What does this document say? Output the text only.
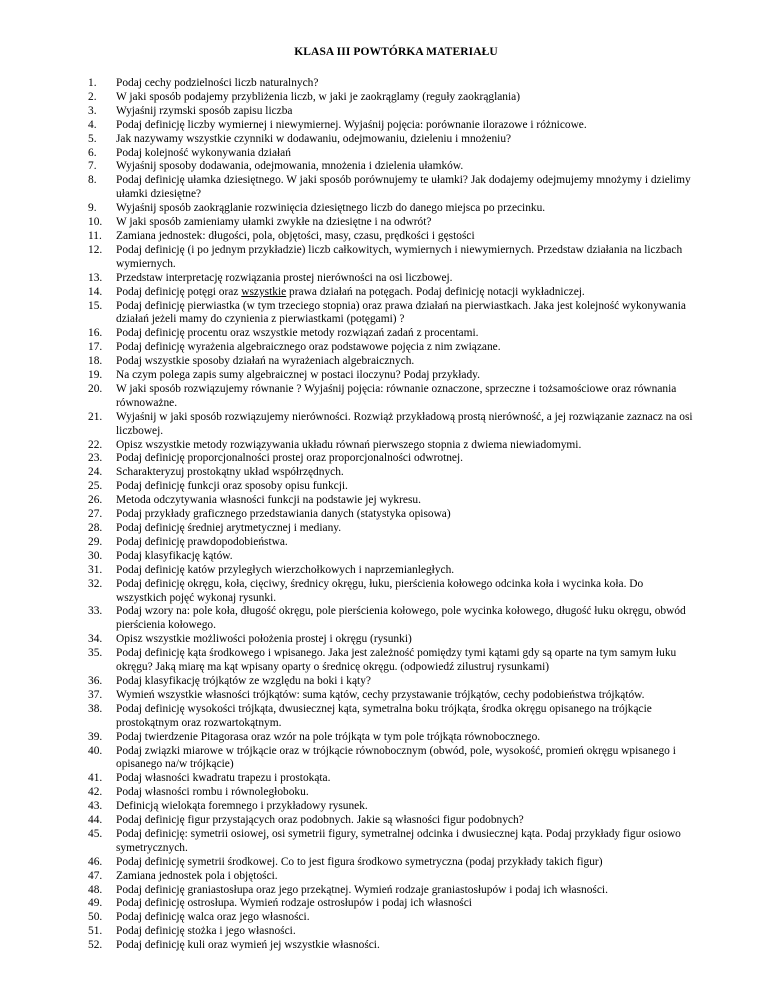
KLASA III POWTÓRKA MATERIAŁU
1. Podaj cechy podzielności liczb naturalnych?
2. W jaki sposób podajemy przybliżenia liczb, w jaki je zaokrąglamy (reguły zaokrąglania)
3. Wyjaśnij rzymski sposób zapisu liczba
4. Podaj definicję liczby wymiernej i niewymiernej. Wyjaśnij pojęcia: porównanie ilorazowe i różnicowe.
5. Jak nazywamy wszystkie czynniki w dodawaniu, odejmowaniu, dzieleniu i mnożeniu?
6. Podaj kolejność wykonywania działań
7. Wyjaśnij sposoby dodawania, odejmowania, mnożenia i dzielenia ułamków.
8. Podaj definicję ułamka dziesiętnego. W jaki sposób porównujemy te ułamki? Jak dodajemy odejmujemy mnożymy i dzielimy ułamki dziesiętne?
9. Wyjaśnij sposób zaokrąglanie rozwinięcia dziesiętnego liczb do danego miejsca po przecinku.
10. W jaki sposób zamieniamy ułamki zwykłe na dziesiętne i na odwrót?
11. Zamiana jednostek: długości, pola, objętości, masy, czasu, prędkości i gęstości
12. Podaj definicję (i po jednym przykładzie) liczb całkowitych, wymiernych i niewymiernych. Przedstaw działania na liczbach wymiernych.
13. Przedstaw interpretację rozwiązania prostej nierówności na osi liczbowej.
14. Podaj definicję potęgi oraz wszystkie prawa działań na potęgach. Podaj definicję notacji wykładniczej.
15. Podaj definicję pierwiastka (w tym trzeciego stopnia) oraz prawa działań na pierwiastkach. Jaka jest kolejność wykonywania działań jeżeli mamy do czynienia z pierwiastkami (potęgami) ?
16. Podaj definicję procentu oraz wszystkie metody rozwiązań zadań z procentami.
17. Podaj definicję wyrażenia algebraicznego oraz podstawowe pojęcia z nim związane.
18. Podaj wszystkie sposoby działań na wyrażeniach algebraicznych.
19. Na czym polega zapis sumy algebraicznej w postaci iloczynu? Podaj przykłady.
20. W jaki sposób rozwiązujemy równanie ? Wyjaśnij pojęcia: równanie oznaczone, sprzeczne i tożsamościowe oraz równania równoważne.
21. Wyjaśnij w jaki sposób rozwiązujemy nierówności. Rozwiąż przykładową prostą nierówność, a jej rozwiązanie zaznacz na osi liczbowej.
22. Opisz wszystkie metody rozwiązywania układu równań pierwszego stopnia z dwiema niewiadomymi.
23. Podaj definicję proporcjonalności prostej oraz proporcjonalności odwrotnej.
24. Scharakteryzuj prostokątny układ współrzędnych.
25. Podaj definicję funkcji oraz sposoby opisu funkcji.
26. Metoda odczytywania własności funkcji na podstawie jej wykresu.
27. Podaj przykłady graficznego przedstawiania danych (statystyka opisowa)
28. Podaj definicję średniej arytmetycznej i mediany.
29. Podaj definicję prawdopodobieństwa.
30. Podaj klasyfikację kątów.
31. Podaj definicję katów przyległych wierzchołkowych i naprzemianległych.
32. Podaj definicję okręgu, koła, cięciwy, średnicy okręgu, łuku, pierścienia kołowego odcinka koła i wycinka koła. Do wszystkich pojęć wykonaj rysunki.
33. Podaj wzory na: pole koła, długość okręgu, pole pierścienia kołowego, pole wycinka kołowego, długość łuku okręgu, obwód pierścienia kołowego.
34. Opisz wszystkie możliwości położenia prostej i okręgu (rysunki)
35. Podaj definicję kąta środkowego i wpisanego. Jaka jest zależność pomiędzy tymi kątami gdy są oparte na tym samym łuku okręgu? Jaką miarę ma kąt wpisany oparty o średnicę okręgu. (odpowiedź zilustruj rysunkami)
36. Podaj klasyfikację trójkątów ze względu na boki i kąty?
37. Wymień wszystkie własności trójkątów: suma kątów, cechy przystawanie trójkątów, cechy podobieństwa trójkątów.
38. Podaj definicję wysokości trójkąta, dwusiecznej kąta, symetralna boku trójkąta, środka okręgu opisanego na trójkącie prostokątnym oraz rozwartokątnym.
39. Podaj twierdzenie Pitagorasa oraz wzór na pole trójkąta w tym pole trójkąta równobocznego.
40. Podaj związki miarowe w trójkącie oraz w trójkącie równobocznym (obwód, pole, wysokość, promień okręgu wpisanego i opisanego na/w trójkącie)
41. Podaj własności kwadratu trapezu i prostokąta.
42. Podaj własności rombu i równoległoboku.
43. Definicją wielokąta foremnego i przykładowy rysunek.
44. Podaj definicję figur przystających oraz podobnych. Jakie są własności figur podobnych?
45. Podaj definicję: symetrii osiowej, osi symetrii figury, symetralnej odcinka i dwusiecznej kąta. Podaj przykłady figur osiowo symetrycznych.
46. Podaj definicję symetrii środkowej. Co to jest figura środkowo symetryczna (podaj przykłady takich figur)
47. Zamiana jednostek pola i objętości.
48. Podaj definicję graniastosłupa oraz jego przekątnej. Wymień rodzaje graniastosłupów i podaj ich własności.
49. Podaj definicję ostrosłupa. Wymień rodzaje ostrosłupów i podaj ich własności
50. Podaj definicję walca oraz jego własności.
51. Podaj definicję stożka i jego własności.
52. Podaj definicję kuli oraz wymień jej wszystkie własności.
